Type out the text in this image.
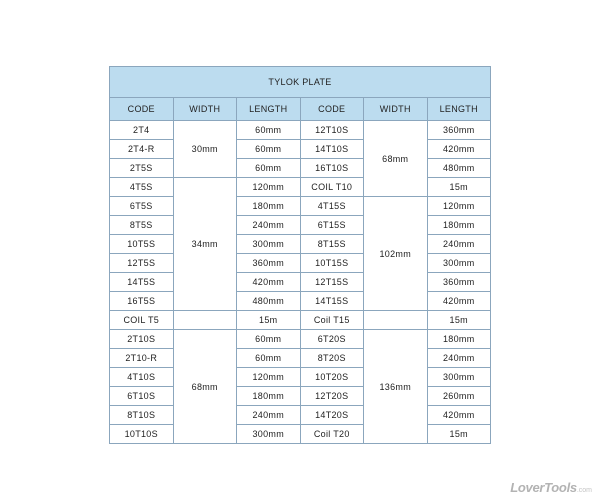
TYLOK PLATE					
CODE	WIDTH	LENGTH	CODE	WIDTH	LENGTH
2T4	30mm	60mm	12T10S	68mm	360mm
2T4-R		60mm	14T10S		420mm
2T5S		60mm	16T10S		480mm
4T5S	34mm	120mm	COIL T10		15m
6T5S		180mm	4T15S	102mm	120mm
8T5S		240mm	6T15S		180mm
10T5S		300mm	8T15S		240mm
12T5S		360mm	10T15S		300mm
14T5S		420mm	12T15S		360mm
16T5S		480mm	14T15S		420mm
COIL T5		15m	Coil T15		15m
2T10S	68mm	60mm	6T20S	136mm	180mm
2T10-R		60mm	8T20S		240mm
4T10S		120mm	10T20S		300mm
6T10S		180mm	12T20S		260mm
8T10S		240mm	14T20S		420mm
10T10S		300mm	Coil T20		15m
LoverTools.com
